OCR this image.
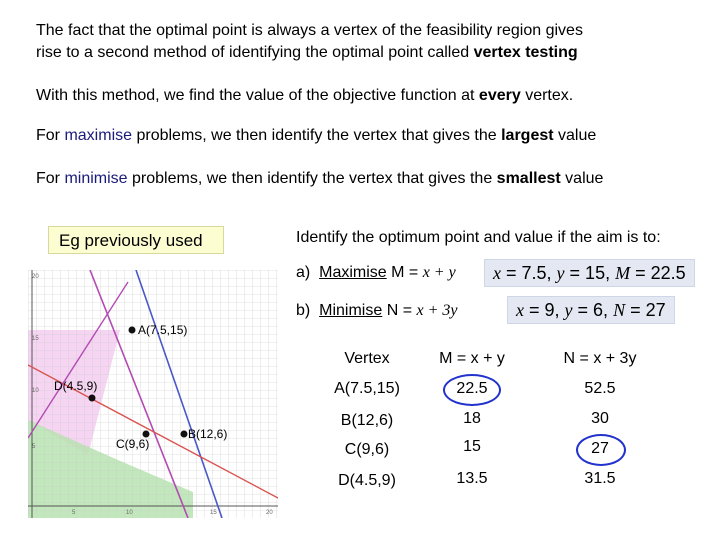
The fact that the optimal point is always a vertex of the feasibility region gives
rise to a second method of identifying the optimal point called vertex testing
With this method, we find the value of the objective function at every vertex.
For maximise problems, we then identify the vertex that gives the largest value
For minimise problems, we then identify the vertex that gives the smallest value
Eg previously used	Identify the optimum point and value if the aim is to:
a) Maximise M = x + y	x = 7.5, y = 15, M = 22.5
b) Minimise N = x + 3y	x = 9, y = 6, N = 27
20
15
10
5
5	10	15	20
A(7.5,15)
B(12,6)
C(9,6)
D(4.5,9)
Vertex	M = x + y	N = x + 3y
A(7.5,15)	22.5	52.5
B(12,6)	18	30
C(9,6)	15	27
D(4.5,9)	13.5	31.5
